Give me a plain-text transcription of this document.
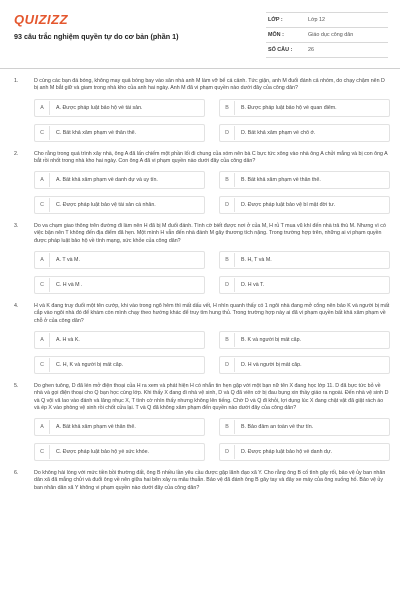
QUIZIZZ
93 câu trắc nghiệm quyền tự do cơ bản (phần 1)
LỚP :	Lớp 12
MÔN :	Giáo dục công dân
SỐ CÂU :	26
1.	D cùng các bạn đá bóng, không may quả bóng bay vào sân nhà anh M làm vỡ bể cá cảnh. Tức giận, anh M đuổi đánh cả nhóm, do chạy chậm nên D bị anh M bắt giữ và giam trong nhà kho của anh hai ngày. Anh M đã vi phạm quyền nào dưới đây của công dân?
A	A. Được pháp luật bảo hộ về tài sản.	B	B. Được pháp luật bảo hộ về quan điểm.
C	C. Bất khả xâm phạm về thân thể.	D	D. Bất khả xâm phạm về chỗ ở.
2.	Cho rằng trong quá trình xây nhà, ông A đã lấn chiếm một phần lối đi chung của xóm nên bà C bực tức xông vào nhà ông A chửi mắng và bị con ông A bắt rồi nhốt trong nhà kho hai ngày. Con ông A đã vi phạm quyền nào dưới đây của công dân?
A	A. Bất khả xâm phạm về danh dự và uy tín.	B	B. Bất khả xâm phạm về thân thể.
C	C. Được pháp luật bảo vệ tài sản cá nhân.	D	D. Được pháp luật bảo vệ bí mật đời tư.
3.	Do va chạm giao thông trên đường đi làm nên H đã bị M đuổi đánh. Tình cờ biết được nơi ở của M, H rủ T mua vũ khí đến nhà trả thù M. Nhưng vì có việc bận nên T không đến địa điểm đã hẹn. Một mình H vẫn đến nhà đánh M gây thương tích nặng. Trong trường hợp trên, những ai vi phạm quyền được pháp luật bảo hộ về tính mạng, sức khỏe của công dân?
A	A. T và M.	B	B. H, T và M.
C	C. H và M .	D	D. H và T.
4.	H và K đang truy đuổi một tên cướp, khi vào trong ngõ hẻm thì mất dấu vết, H nhìn quanh thấy có 1 ngôi nhà đang mở cổng nên bảo K và người bị mất cắp vào ngôi nhà đó để khám còn mình chạy theo hướng khác để truy tìm hung thủ. Trong trường hợp này ai đã vi phạm quyền bất khả xâm phạm về chỗ ở của công dân?
A	A. H và K.	B	B. K và người bị mất cắp.
C	C. H, K và người bị mất cắp.	D	D. H và người bị mất cắp.
5.	Do ghen tuông, D đã lén mở điện thoại của H ra xem và phát hiện H có nhắn tin hẹn gặp với một bạn nữ tên X đang học lớp 11. D đã bực tức bỏ về nhà và gọi điện thoại cho Q bạn học cùng lớp. Khi thấy X đang đi nhà vệ sinh, D và Q đã viên cớ bị đau bụng xin thầy giáo ra ngoài. Đến nhà vệ sinh D và Q vội vã lao vào đánh và lăng nhục X, T tình cờ nhìn thấy nhưng không lên tiếng. Chờ D và Q đi khỏi, lợi dụng lúc X đang chật vật đã giật rách áo và ép X vào phòng vệ sinh rồi chốt cửa lại. T và Q đã không xâm phạm đến quyền nào dưới đây của công dân?
A	A. Bất khả xâm phạm về thân thể.	B	B. Bảo đảm an toàn về thư tín.
C	C. Được pháp luật bảo hộ yề sức khỏe.	D	D. Được pháp luật bảo hộ về danh dự.
6.	Do không hài lòng với mức tiền bồi thường đất, ông B nhiều lần yêu cầu được gặp lãnh đạo xã Y. Cho rằng ông B cố tình gây rối, bảo vệ ủy ban nhân dân xã đã mắng chửi và đuổi ông về nên giữa hai bên xảy ra mâu thuẫn. Bảo vệ đã đánh ông B gây tay và đây xe máy của ông xuống hố. Bảo vệ ủy ban nhân dân xã Y không vi phạm quyền nào dưới đây của công dân?
